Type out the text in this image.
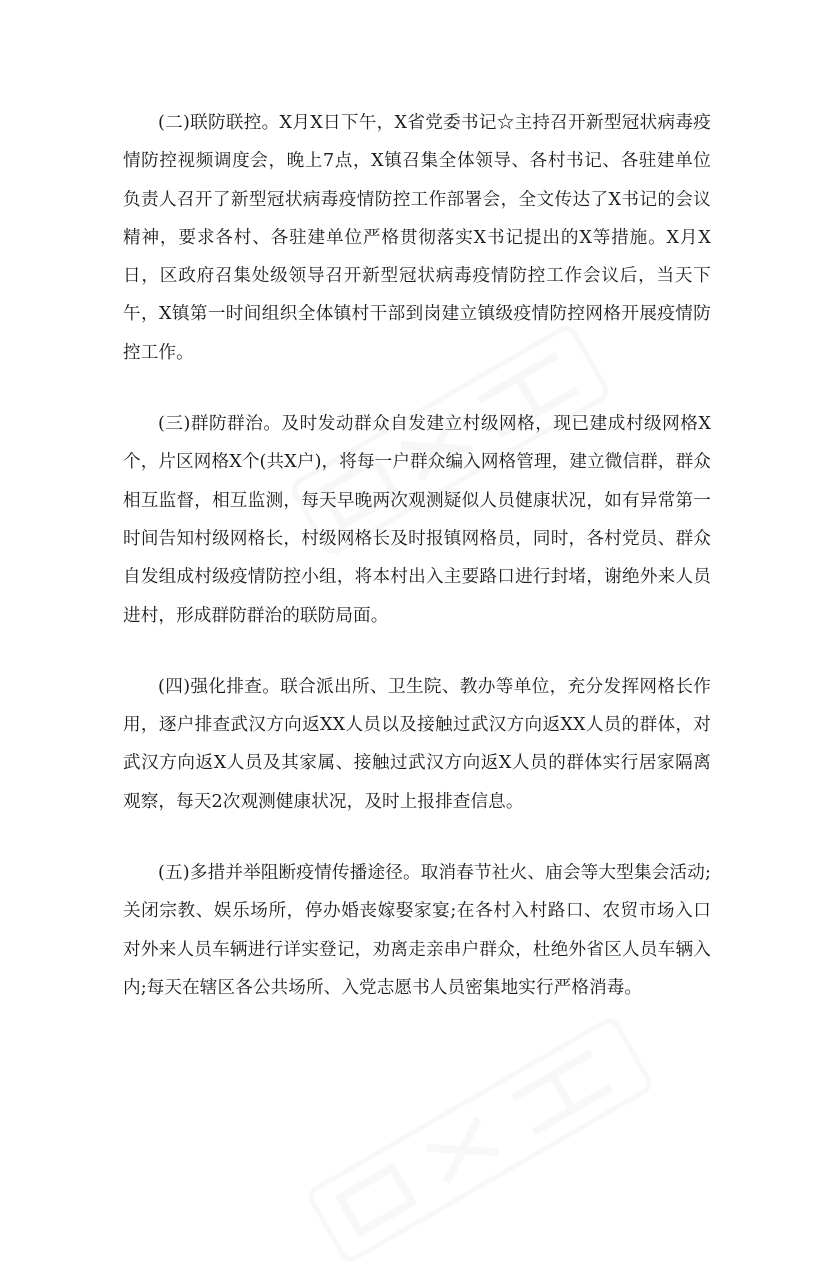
(二)联防联控。X月X日下午，X省党委书记☆主持召开新型冠状病毒疫情防控视频调度会，晚上7点，X镇召集全体领导、各村书记、各驻建单位负责人召开了新型冠状病毒疫情防控工作部署会，全文传达了X书记的会议精神，要求各村、各驻建单位严格贯彻落实X书记提出的X等措施。X月X日，区政府召集处级领导召开新型冠状病毒疫情防控工作会议后，当天下午，X镇第一时间组织全体镇村干部到岗建立镇级疫情防控网格开展疫情防控工作。

(三)群防群治。及时发动群众自发建立村级网格，现已建成村级网格X个，片区网格X个(共X户)，将每一户群众编入网格管理，建立微信群，群众相互监督，相互监测，每天早晚两次观测疑似人员健康状况，如有异常第一时间告知村级网格长，村级网格长及时报镇网格员，同时，各村党员、群众自发组成村级疫情防控小组，将本村出入主要路口进行封堵，谢绝外来人员进村，形成群防群治的联防局面。

(四)强化排查。联合派出所、卫生院、教办等单位，充分发挥网格长作用，逐户排查武汉方向返XX人员以及接触过武汉方向返XX人员的群体，对武汉方向返X人员及其家属、接触过武汉方向返X人员的群体实行居家隔离观察，每天2次观测健康状况，及时上报排查信息。

(五)多措并举阻断疫情传播途径。取消春节社火、庙会等大型集会活动;关闭宗教、娱乐场所，停办婚丧嫁娶家宴;在各村入村路口、农贸市场入口对外来人员车辆进行详实登记，劝离走亲串户群众，杜绝外省区人员车辆入内;每天在辖区各公共场所、入党志愿书人员密集地实行严格消毒。
